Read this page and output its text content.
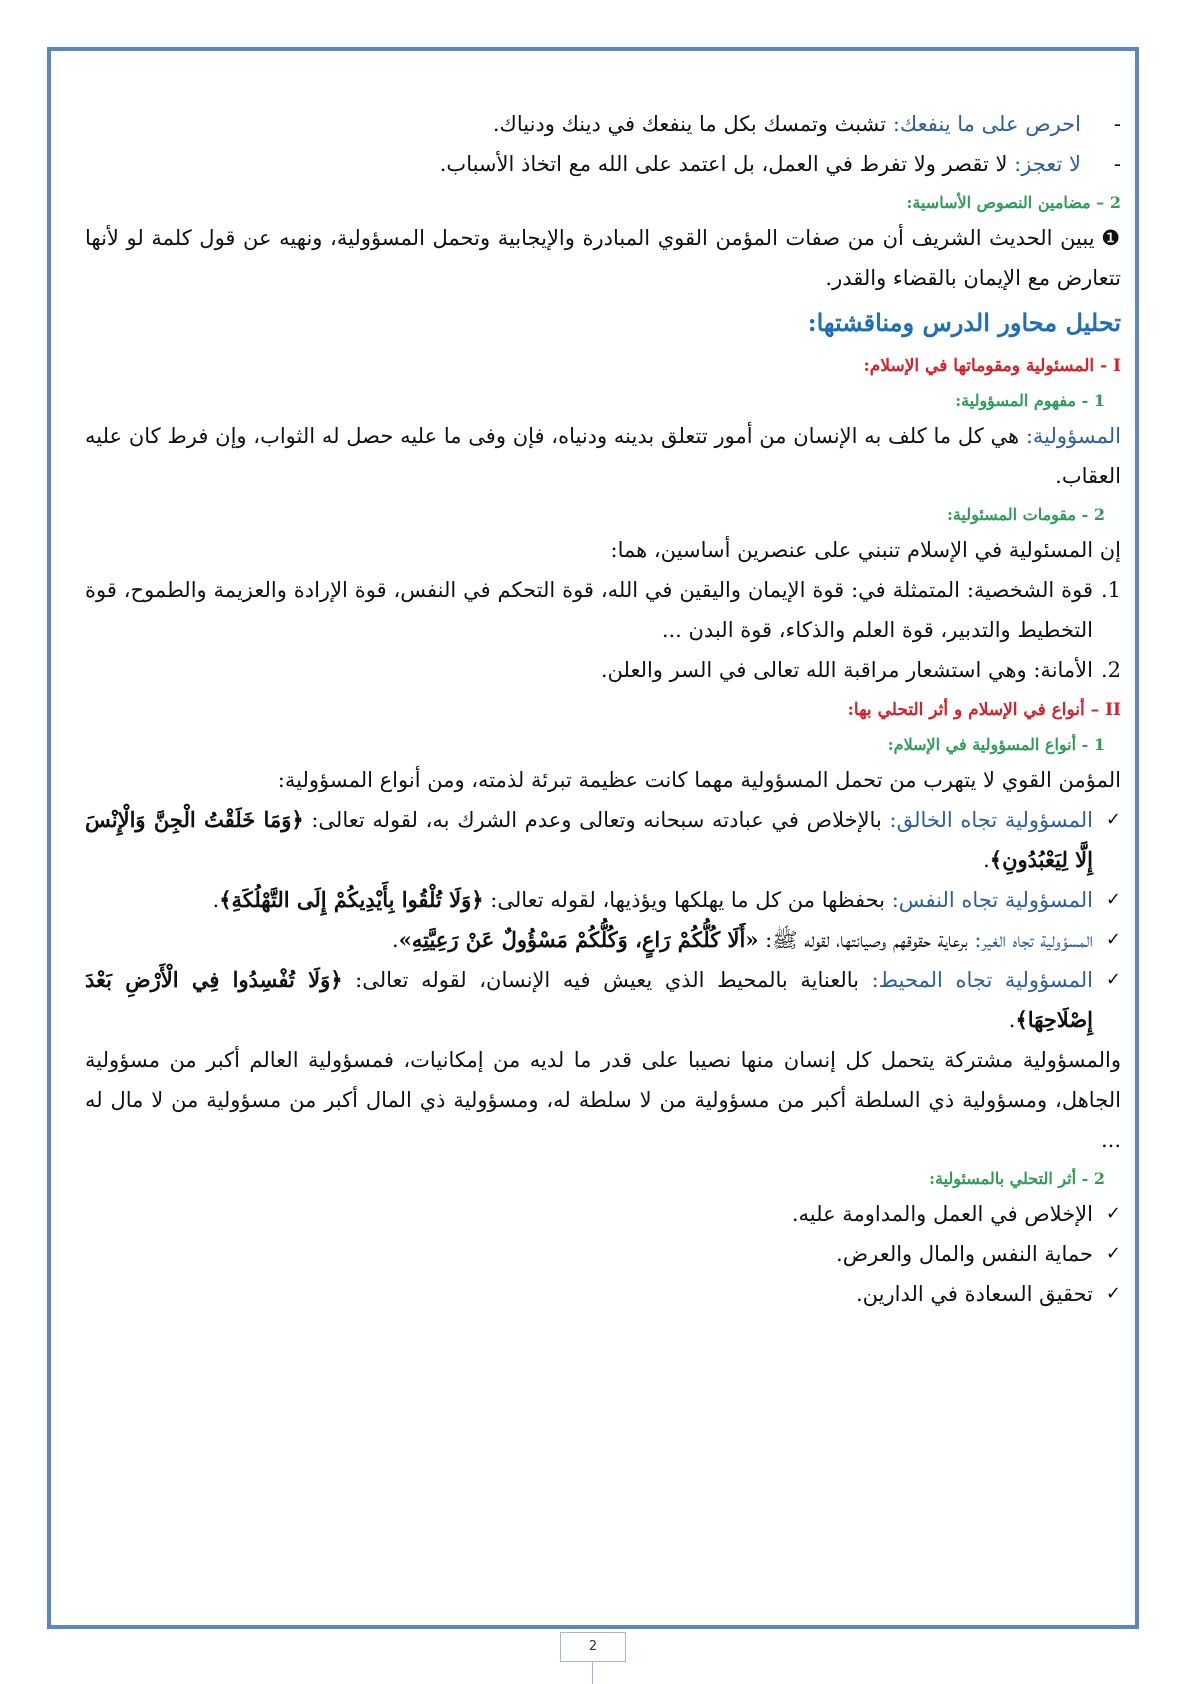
-
احرص على ما ينفعك: تشبث وتمسك بكل ما ينفعك في دينك ودنياك.

-
لا تعجز: لا تقصر ولا تفرط في العمل، بل اعتمد على الله مع اتخاذ الأسباب.

2 – مضامين النصوص الأساسية:

❶ يبين الحديث الشريف أن من صفات المؤمن القوي المبادرة والإيجابية وتحمل المسؤولية، ونهيه عن قول كلمة لو لأنها تتعارض مع الإيمان بالقضاء والقدر.

تحليل محاور الدرس ومناقشتها:

I - المسئولية ومقوماتها في الإسلام:

1 - مفهوم المسؤولية:

المسؤولية: هي كل ما كلف به الإنسان من أمور تتعلق بدينه ودنياه، فإن وفى ما عليه حصل له الثواب، وإن فرط كان عليه العقاب.

2 - مقومات المسئولية:

إن المسئولية في الإسلام تنبني على عنصرين أساسين، هما:

1.
قوة الشخصية: المتمثلة في: قوة الإيمان واليقين في الله، قوة التحكم في النفس، قوة الإرادة والعزيمة والطموح، قوة التخطيط والتدبير، قوة العلم والذكاء، قوة البدن ...
2.
الأمانة: وهي استشعار مراقبة الله تعالى في السر والعلن.

II – أنواع في الإسلام و أثر التحلي بها:

1 - أنواع المسؤولية في الإسلام:

المؤمن القوي لا يتهرب من تحمل المسؤولية مهما كانت عظيمة تبرئة لذمته، ومن أنواع المسؤولية:

✓
المسؤولية تجاه الخالق: بالإخلاص في عبادته سبحانه وتعالى وعدم الشرك به، لقوله تعالى: ﴿وَمَا خَلَقْتُ الْجِنَّ وَالْإِنْسَ إِلَّا لِيَعْبُدُونِ﴾.
✓
المسؤولية تجاه النفس: بحفظها من كل ما يهلكها ويؤذيها، لقوله تعالى: ﴿وَلَا تُلْقُوا بِأَيْدِيكُمْ إِلَى التَّهْلُكَةِ﴾.
✓
المسؤولية تجاه الغير: برعاية حقوقهم وصيانتها، لقوله ﷺ: «أَلَا كُلُّكُمْ رَاعٍ، وَكُلُّكُمْ مَسْؤُولٌ عَنْ رَعِيَّتِهِ».
✓
المسؤولية تجاه المحيط: بالعناية بالمحيط الذي يعيش فيه الإنسان، لقوله تعالى: ﴿وَلَا تُفْسِدُوا فِي الْأَرْضِ بَعْدَ إِصْلَاحِهَا﴾.

والمسؤولية مشتركة يتحمل كل إنسان منها نصيبا على قدر ما لديه من إمكانيات، فمسؤولية العالم أكبر من مسؤولية الجاهل، ومسؤولية ذي السلطة أكبر من مسؤولية من لا سلطة له، ومسؤولية ذي المال أكبر من مسؤولية من لا مال له ...

2 - أثر التحلي بالمسئولية:

✓
الإخلاص في العمل والمداومة عليه.
✓
حماية النفس والمال والعرض.
✓
تحقيق السعادة في الدارين.
2
